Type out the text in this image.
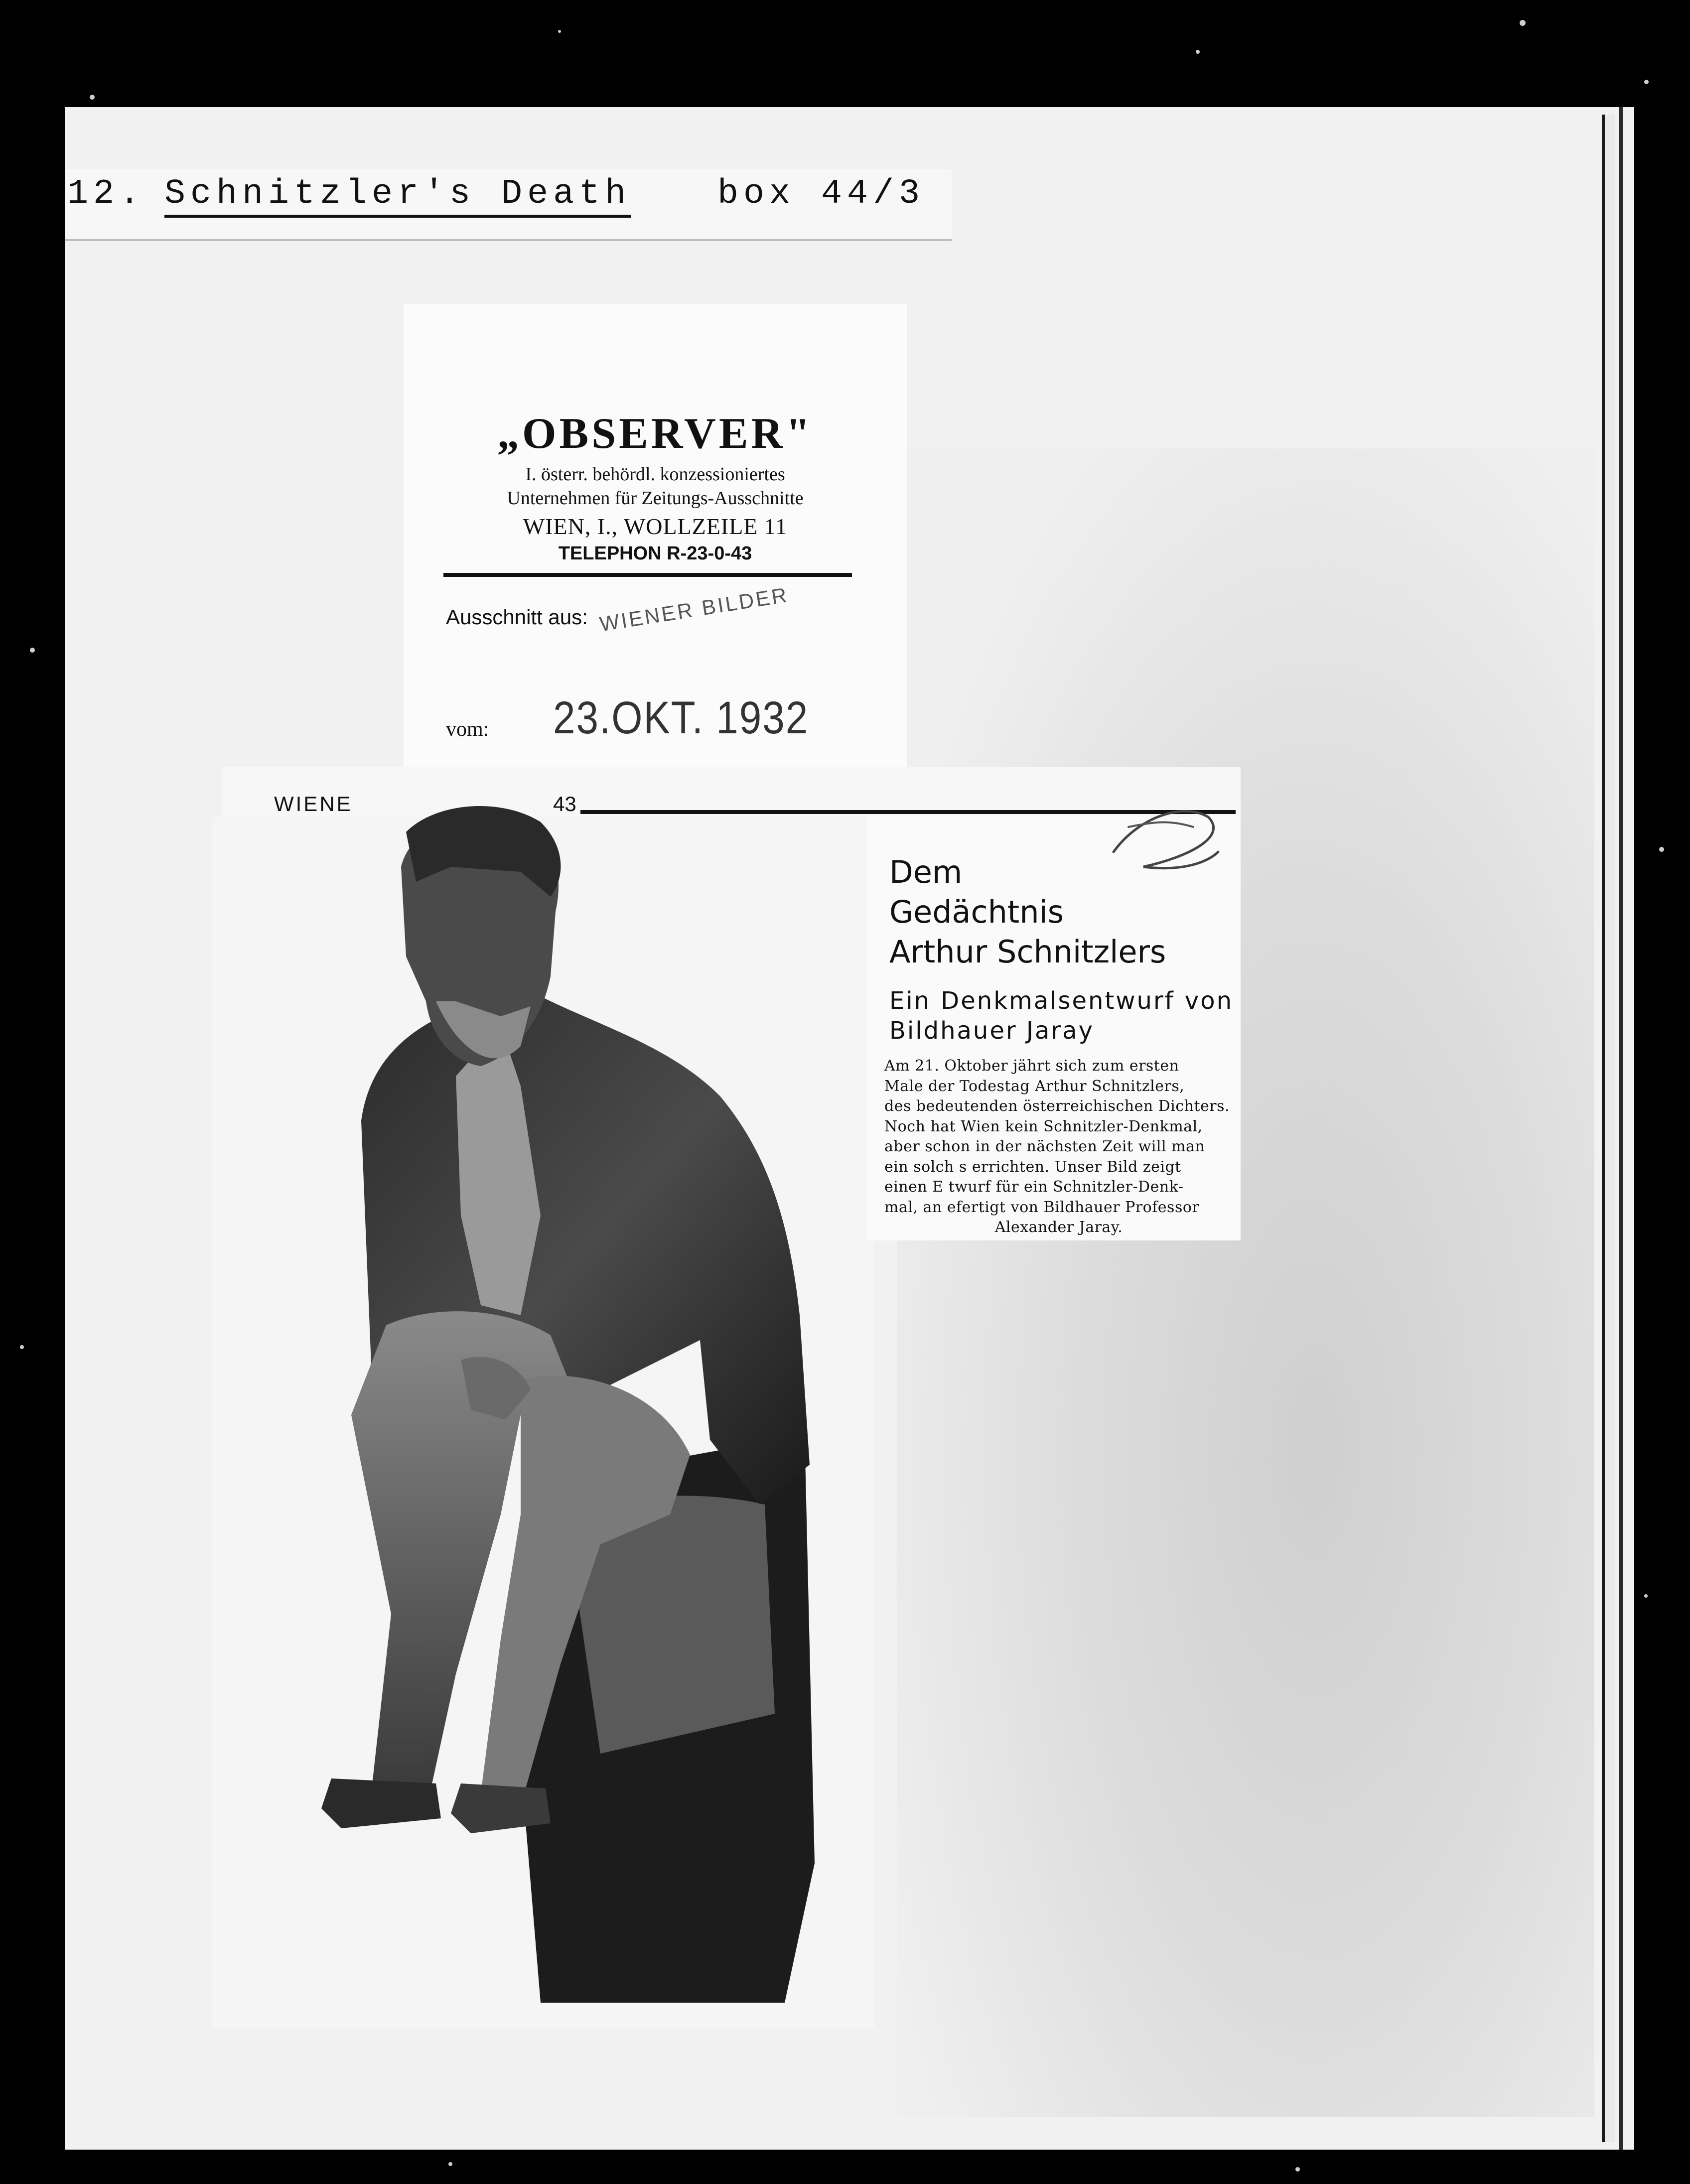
12. Schnitzler's Death box 44/3
„OBSERVER"
I. österr. behördl. konzessioniertes
Unternehmen für Zeitungs-Ausschnitte
WIEN, I., WOLLZEILE 11
TELEPHON R-23-0-43
Ausschnitt aus: WIENER BILDER
vom: 23.OKT. 1932
WIENE	43
Dem
Gedächtnis
Arthur Schnitzlers
Ein Denkmalsentwurf von
Bildhauer Jaray
Am 21. Oktober jährt sich zum ersten
Male der Todestag Arthur Schnitzlers,
des bedeutenden österreichischen Dichters.
Noch hat Wien kein Schnitzler-Denkmal,
aber schon in der nächsten Zeit will man
ein solch s errichten. Unser Bild zeigt
einen E twurf für ein Schnitzler-Denk-
mal, an efertigt von Bildhauer Professor
Alexander Jaray.
